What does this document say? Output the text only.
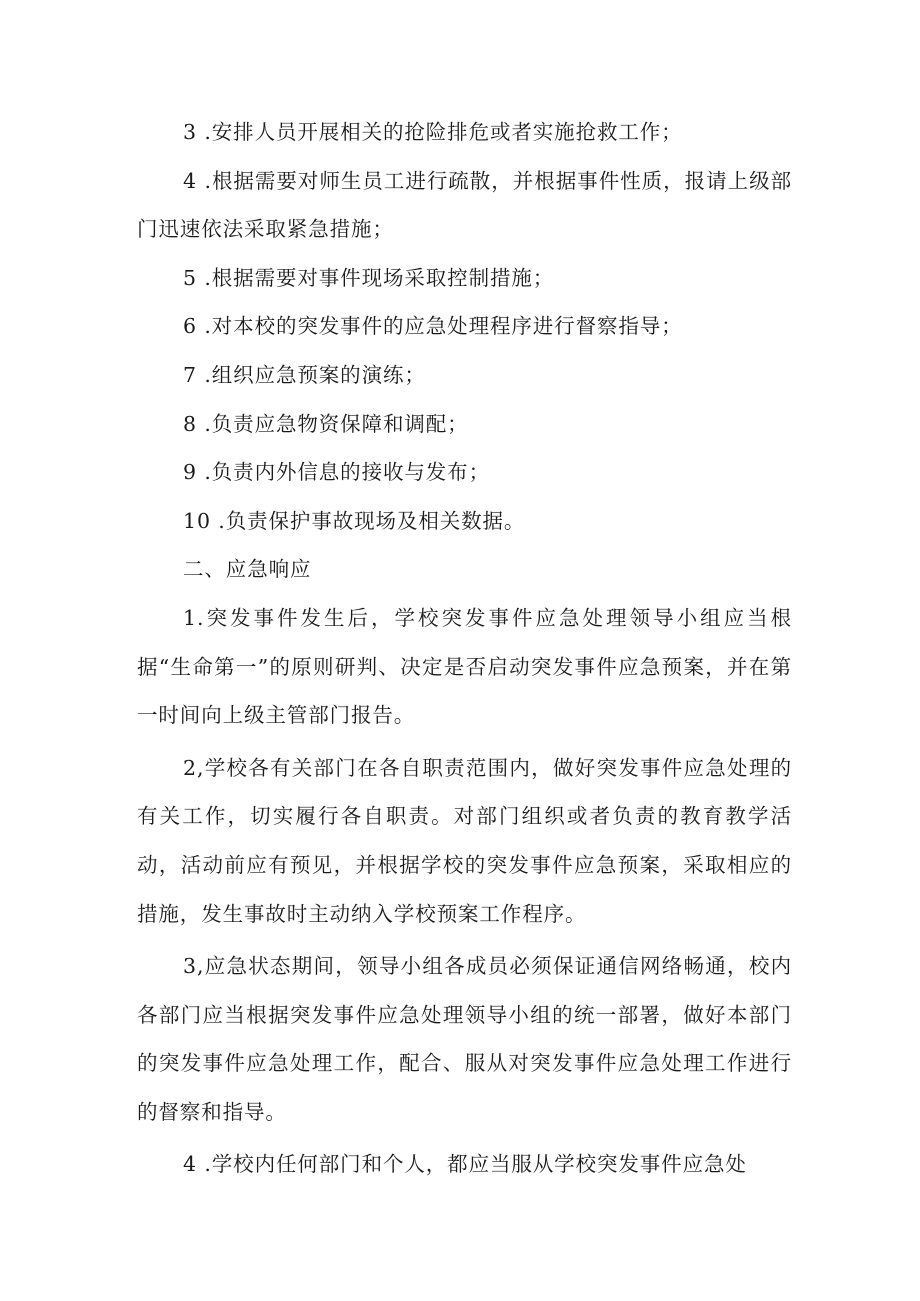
3 .安排人员开展相关的抢险排危或者实施抢救工作；

4 .根据需要对师生员工进行疏散，并根据事件性质，报请上级部门迅速依法采取紧急措施；

5 .根据需要对事件现场采取控制措施；

6 .对本校的突发事件的应急处理程序进行督察指导；

7 .组织应急预案的演练；

8 .负责应急物资保障和调配；

9 .负责内外信息的接收与发布；

10 .负责保护事故现场及相关数据。

二、应急响应

1.突发事件发生后，学校突发事件应急处理领导小组应当根据“生命第一”的原则研判、决定是否启动突发事件应急预案，并在第一时间向上级主管部门报告。

2,学校各有关部门在各自职责范围内，做好突发事件应急处理的有关工作，切实履行各自职责。对部门组织或者负责的教育教学活动，活动前应有预见，并根据学校的突发事件应急预案，采取相应的措施，发生事故时主动纳入学校预案工作程序。

3,应急状态期间，领导小组各成员必须保证通信网络畅通，校内各部门应当根据突发事件应急处理领导小组的统一部署，做好本部门的突发事件应急处理工作，配合、服从对突发事件应急处理工作进行的督察和指导。

4 .学校内任何部门和个人，都应当服从学校突发事件应急处
